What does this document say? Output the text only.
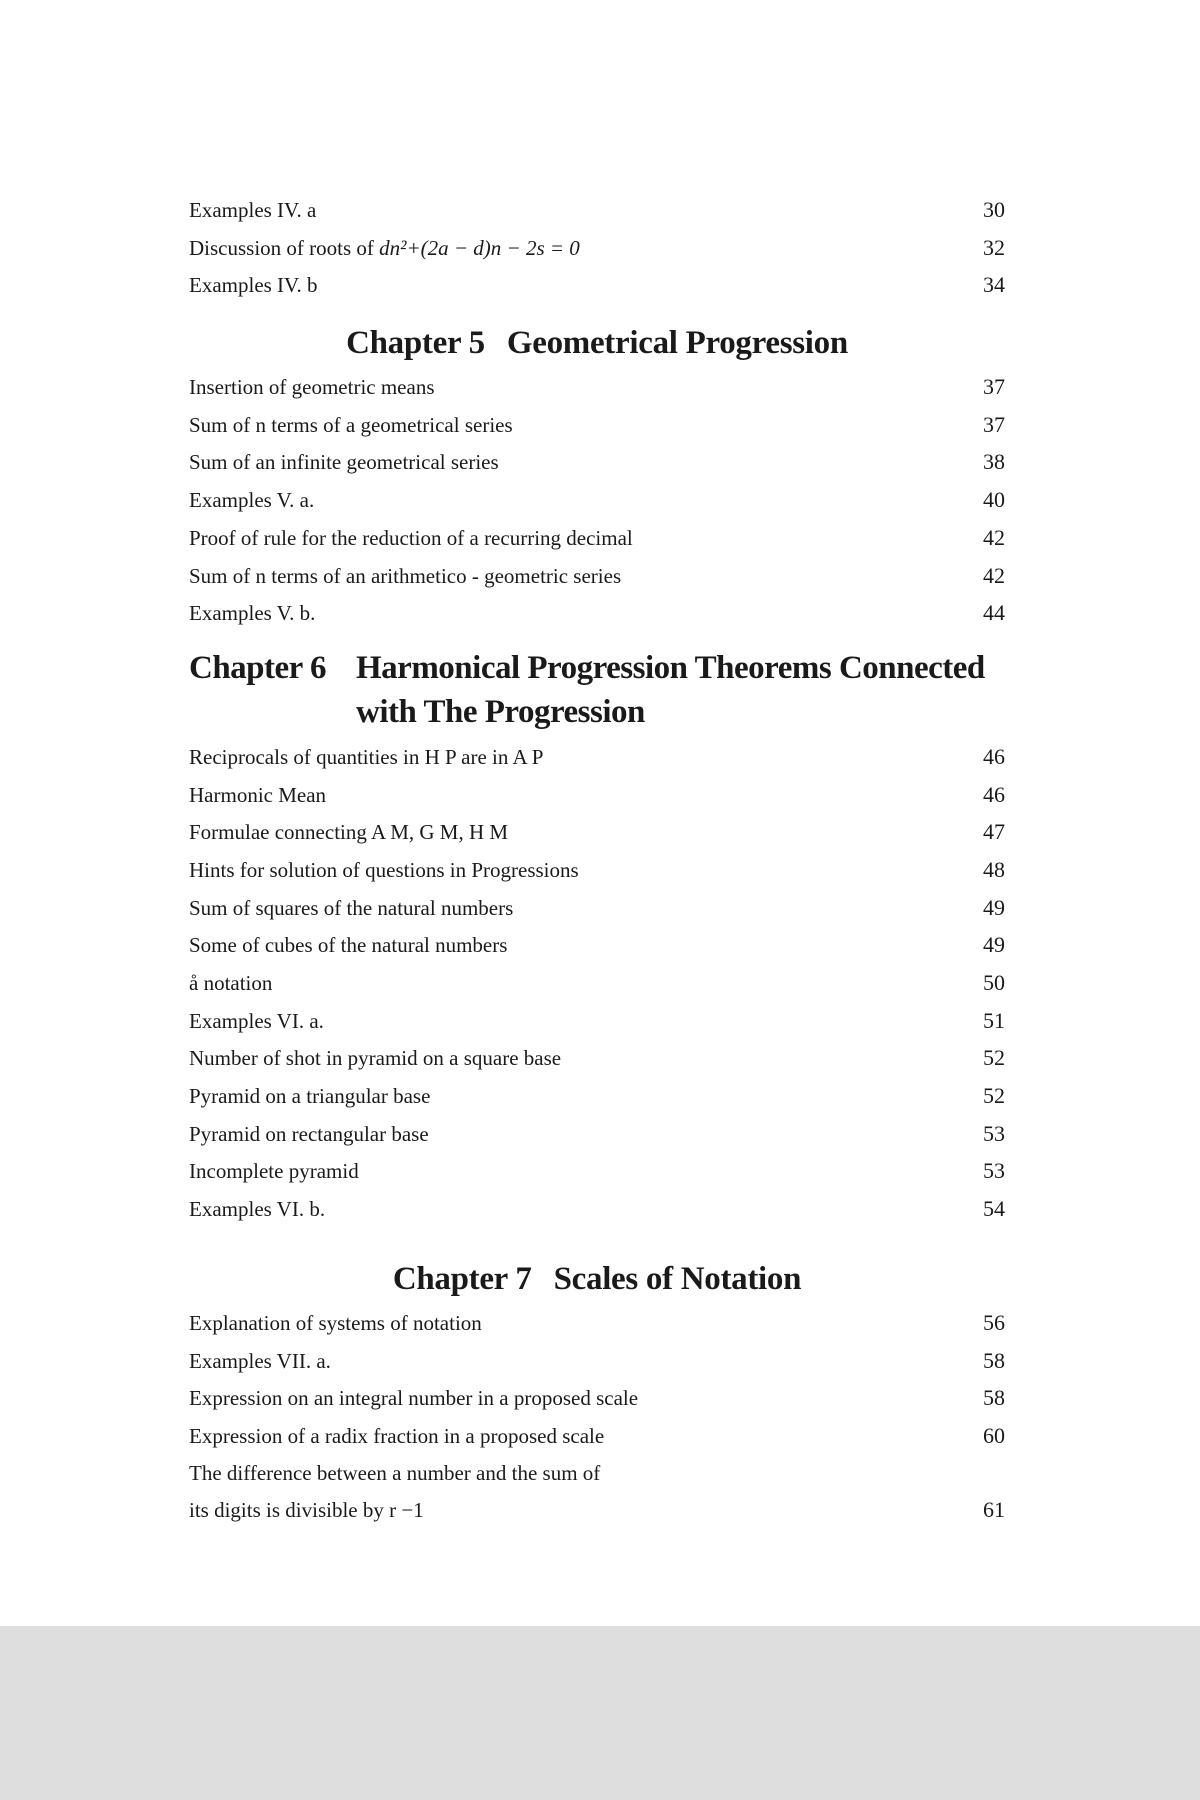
Examples IV. a	30
Discussion of roots of dn²+(2a − d)n − 2s = 0	32
Examples IV. b	34
Chapter 5 Geometrical Progression
Insertion of geometric means	37
Sum of n terms of a geometrical series	37
Sum of an infinite geometrical series	38
Examples V. a.	40
Proof of rule for the reduction of a recurring decimal	42
Sum of n terms of an arithmetico - geometric series	42
Examples V. b.	44
Chapter 6 Harmonical Progression Theorems Connected with The Progression
Reciprocals of quantities in H P are in A P	46
Harmonic Mean	46
Formulae connecting A M, G M, H M	47
Hints for solution of questions in Progressions	48
Sum of squares of the natural numbers	49
Some of cubes of the natural numbers	49
å notation	50
Examples VI. a.	51
Number of shot in pyramid on a square base	52
Pyramid on a triangular base	52
Pyramid on rectangular base	53
Incomplete pyramid	53
Examples VI. b.	54
Chapter 7 Scales of Notation
Explanation of systems of notation	56
Examples VII. a.	58
Expression on an integral number in a proposed scale	58
Expression of a radix fraction in a proposed scale	60
The difference between a number and the sum of
its digits is divisible by r −1	61
